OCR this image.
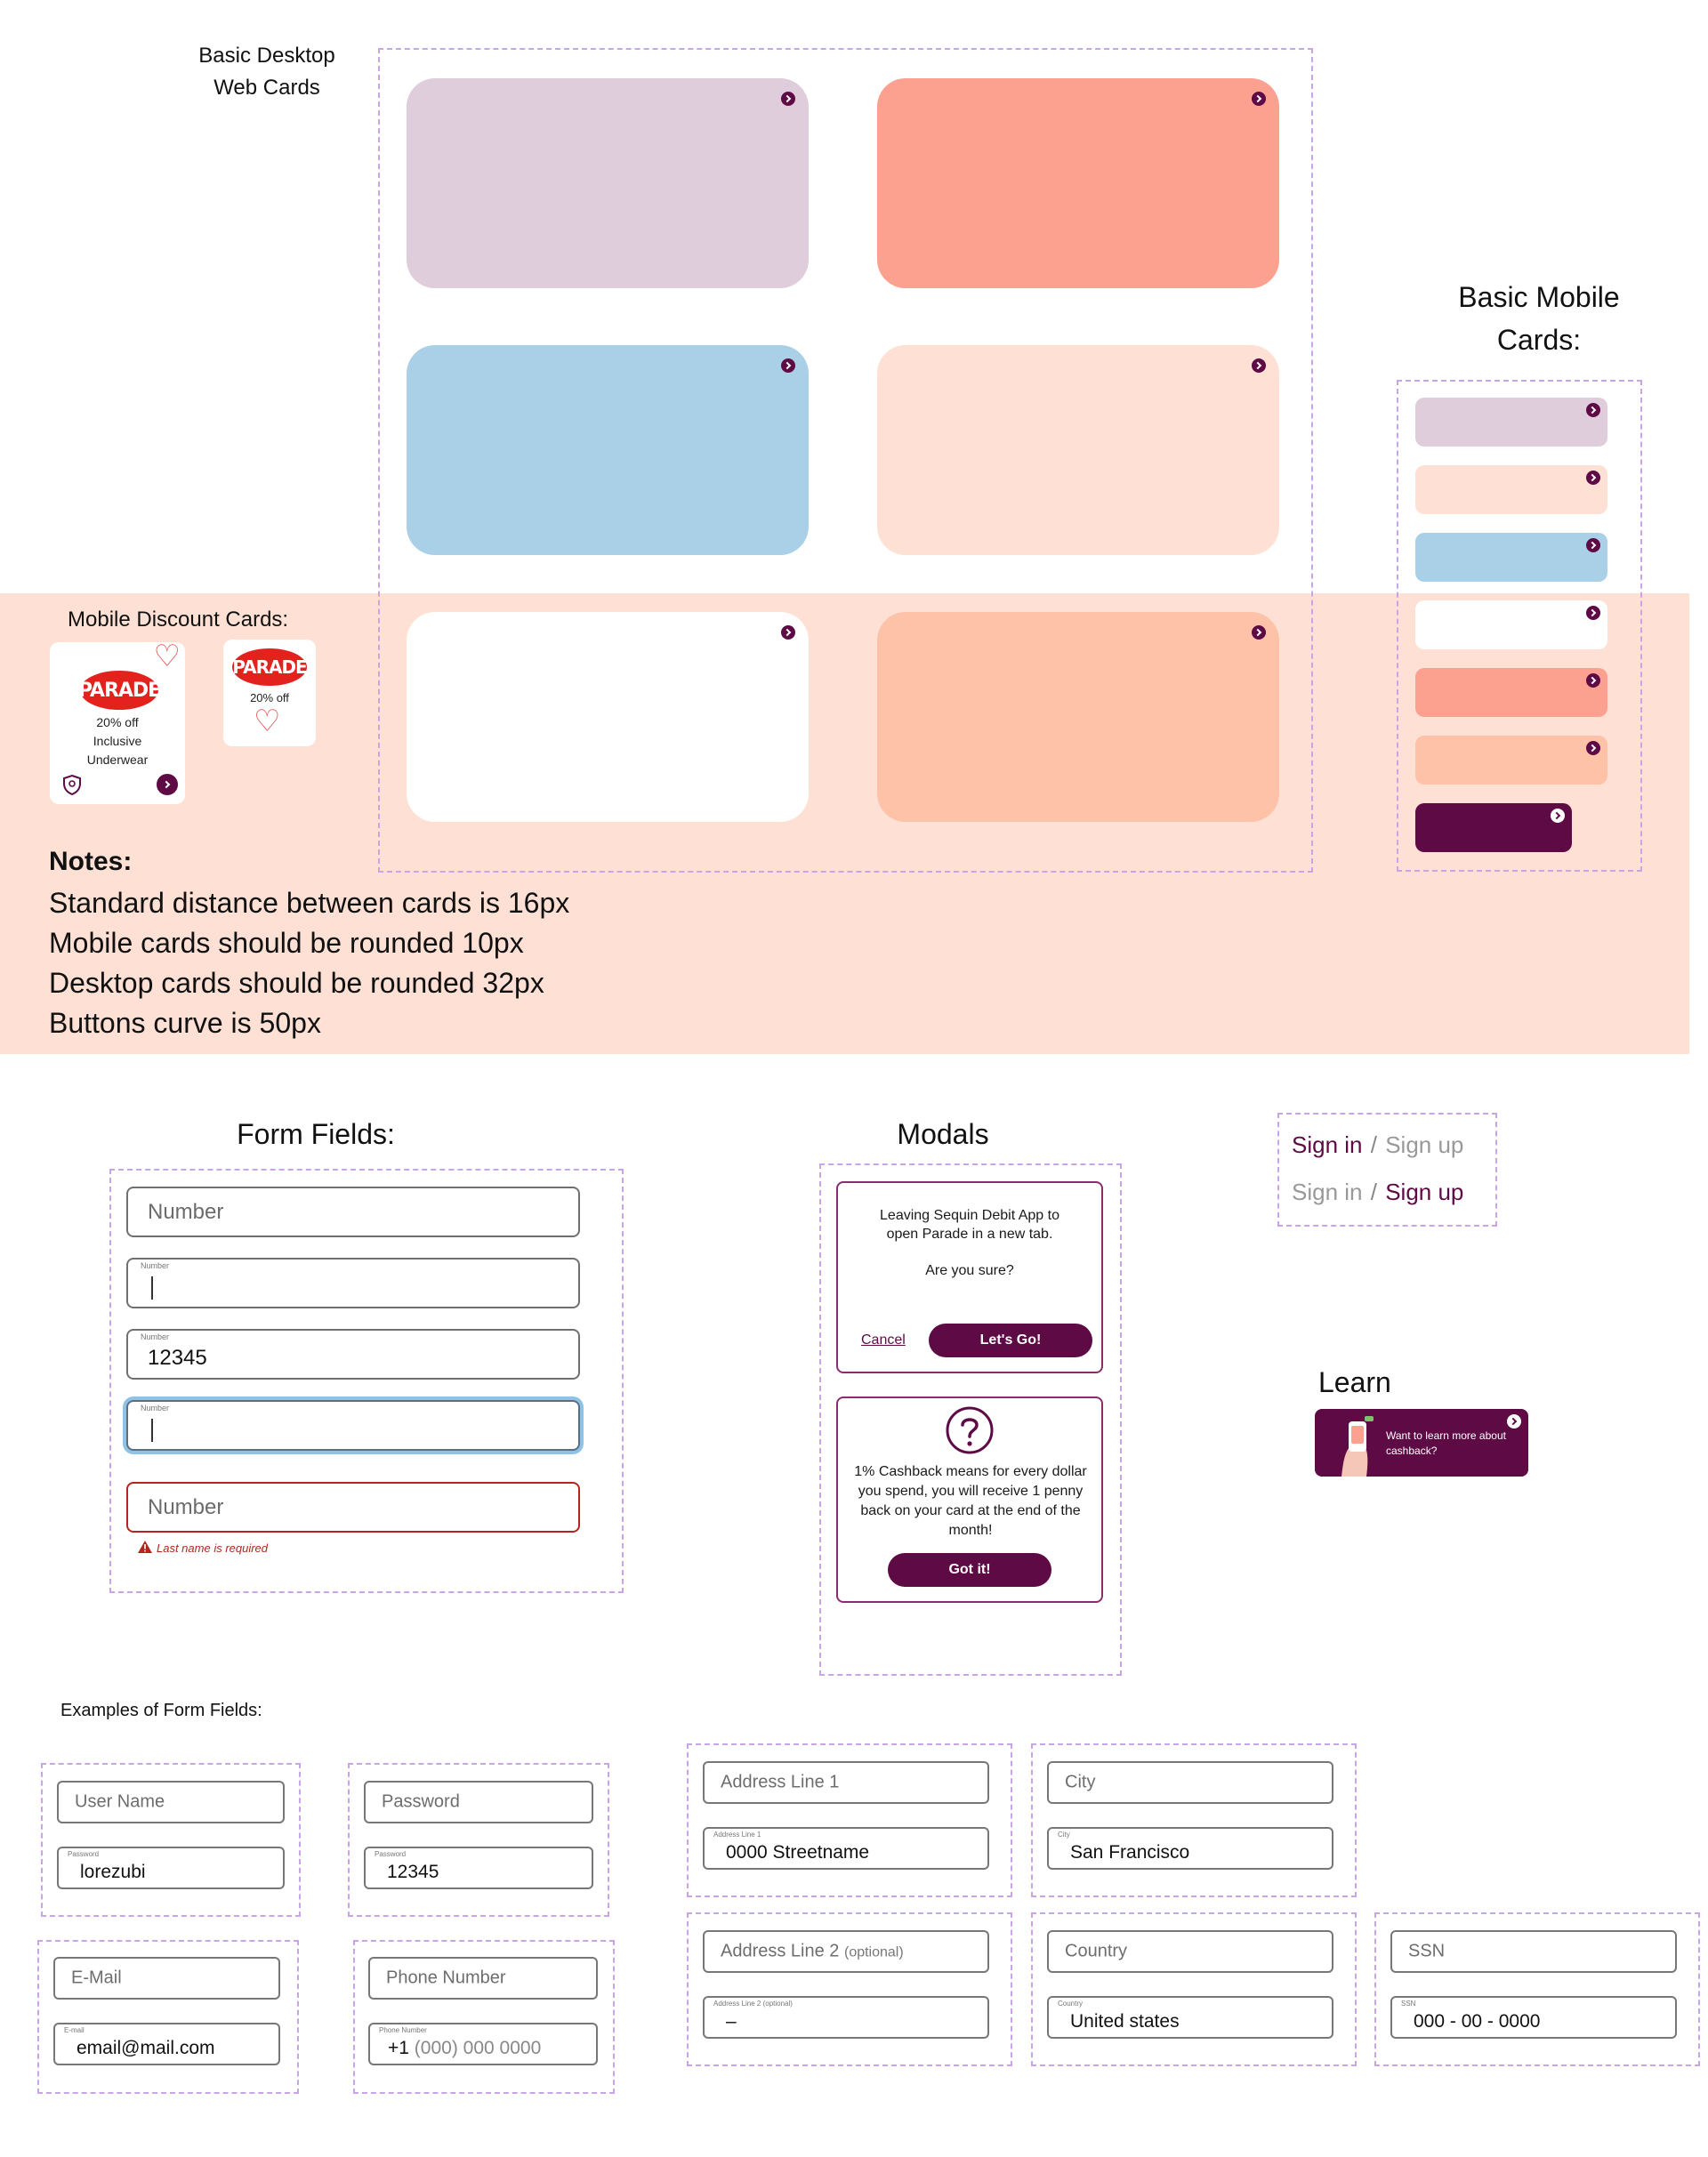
Basic Desktop
Web Cards
Basic Mobile
Cards:
Mobile Discount Cards:
♡
PARADE
20% off
Inclusive
Underwear
PARADE
20% off
♡
Notes:
Standard distance between cards is 16px
Mobile cards should be rounded 10px
Desktop cards should be rounded 32px
Buttons curve is 50px
Form Fields:
Number
Number
Number
12345
Number
Number
Last name is required
Modals
Leaving Sequin Debit App to open Parade in a new tab.
Are you sure?
Cancel	Let's Go!
1% Cashback means for every dollar you spend, you will receive 1 penny back on your card at the end of the month!
Got it!
Sign in / Sign up
Sign in / Sign up
Learn
Want to learn more about cashback?
Examples of Form Fields:
User Name
Password
lorezubi
Password
Password
12345
E-Mail
E-mail
email@mail.com
Phone Number
Phone Number
+1 (000) 000 0000
Address Line 1
Address Line 1
0000 Streetname
City
City
San Francisco
Address Line 2 (optional)
Address Line 2 (optional)
–
Country
Country
United states
SSN
SSN
000 - 00 - 0000
